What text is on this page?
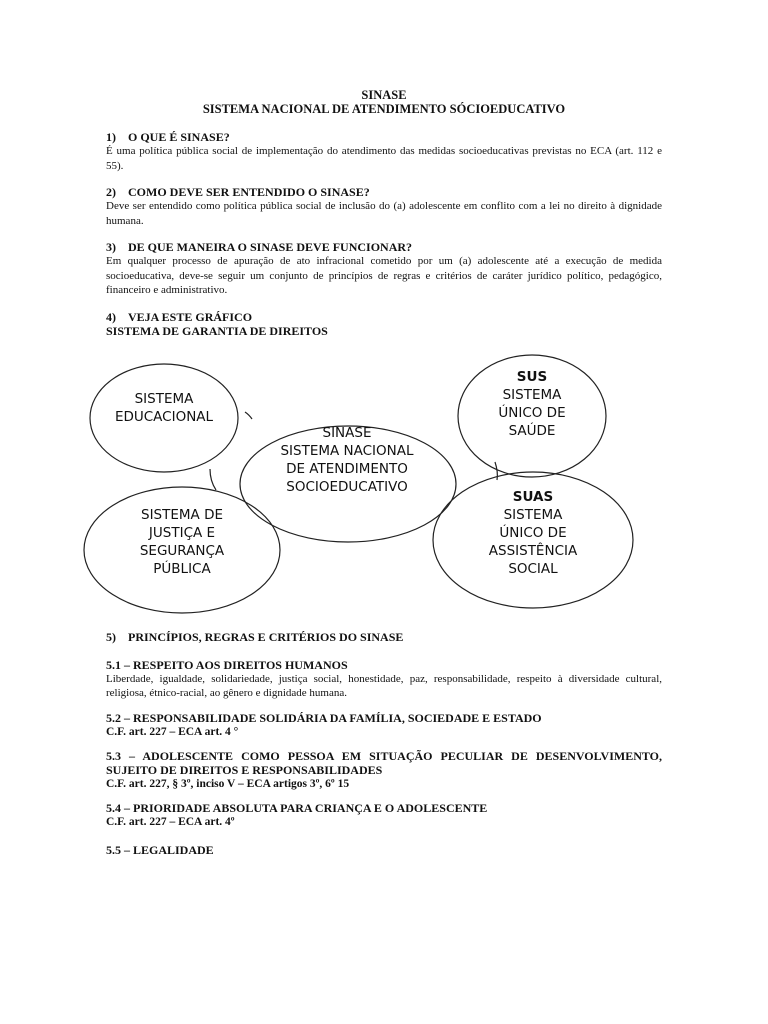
SINASE
SISTEMA NACIONAL DE ATENDIMENTO SÓCIOEDUCATIVO
1) O QUE É SINASE?
É uma política pública social de implementação do atendimento das medidas socioeducativas previstas no ECA (art. 112 e 55).
2) COMO DEVE SER ENTENDIDO O SINASE?
Deve ser entendido como política pública social de inclusão do (a) adolescente em conflito com a lei no direito à dignidade humana.
3) DE QUE MANEIRA O SINASE DEVE FUNCIONAR?
Em qualquer processo de apuração de ato infracional cometido por um (a) adolescente até a execução de medida socioeducativa, deve-se seguir um conjunto de princípios de regras e critérios de caráter jurídico político, pedagógico, financeiro e administrativo.
4) VEJA ESTE GRÁFICO
SISTEMA DE GARANTIA DE DIREITOS
SINASE
SISTEMA NACIONAL
DE ATENDIMENTO
SOCIOEDUCATIVO
SISTEMA
EDUCACIONAL
SUS
SISTEMA
ÚNICO DE
SAÚDE
SISTEMA DE
JUSTIÇA E
SEGURANÇA
PÚBLICA
SUAS
SISTEMA
ÚNICO DE
ASSISTÊNCIA
SOCIAL
5) PRINCÍPIOS, REGRAS E CRITÉRIOS DO SINASE
5.1 – RESPEITO AOS DIREITOS HUMANOS
Liberdade, igualdade, solidariedade, justiça social, honestidade, paz, responsabilidade, respeito à diversidade cultural, religiosa, étnico-racial, ao gênero e dignidade humana.
5.2 – RESPONSABILIDADE SOLIDÁRIA DA FAMÍLIA, SOCIEDADE E ESTADO
C.F. art. 227 – ECA art. 4 °
5.3 – ADOLESCENTE COMO PESSOA EM SITUAÇÃO PECULIAR DE DESENVOLVIMENTO, SUJEITO DE DIREITOS E RESPONSABILIDADES
C.F. art. 227, § 3º, inciso V – ECA artigos 3º, 6º 15
5.4 – PRIORIDADE ABSOLUTA PARA CRIANÇA E O ADOLESCENTE
C.F. art. 227 – ECA art. 4º
5.5 – LEGALIDADE
